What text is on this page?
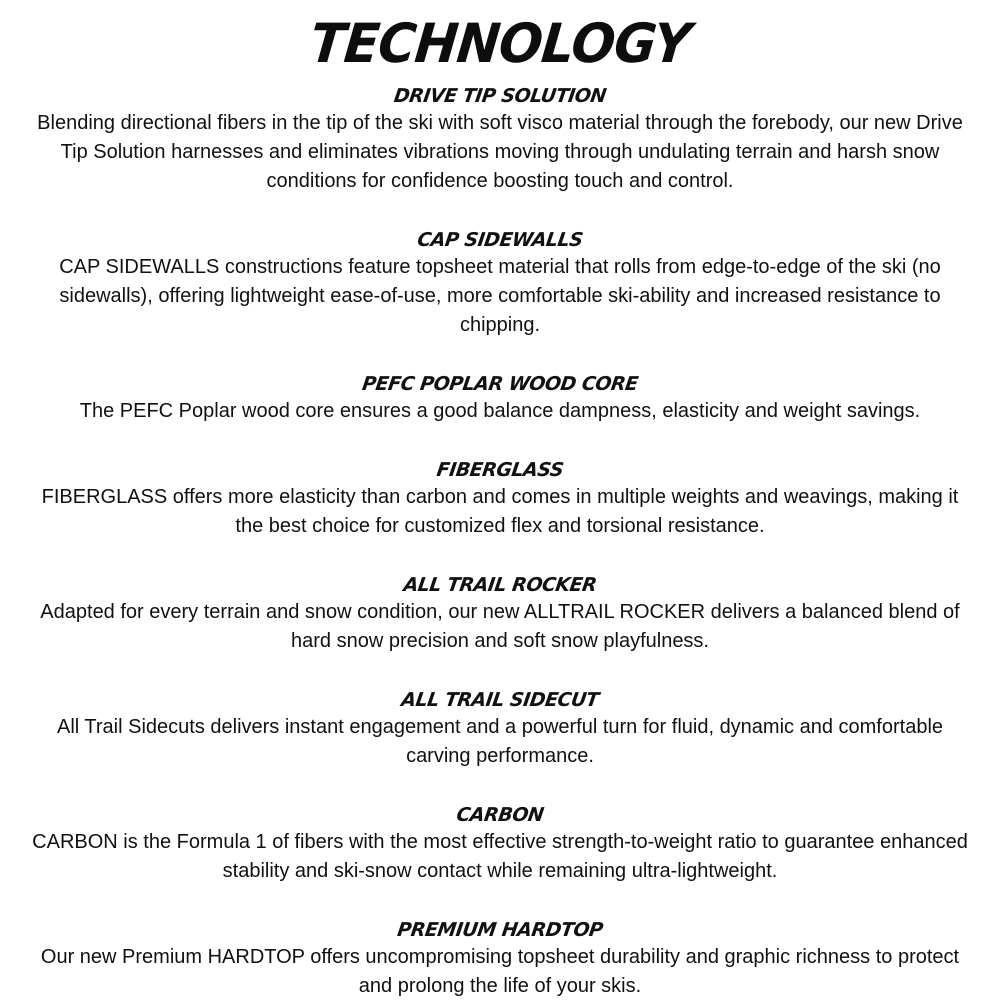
TECHNOLOGY
DRIVE TIP SOLUTION
Blending directional fibers in the tip of the ski with soft visco material through the forebody, our new Drive Tip Solution harnesses and eliminates vibrations moving through undulating terrain and harsh snow conditions for confidence boosting touch and control.
CAP SIDEWALLS
CAP SIDEWALLS constructions feature topsheet material that rolls from edge-to-edge of the ski (no sidewalls), offering lightweight ease-of-use, more comfortable ski-ability and increased resistance to chipping.
PEFC POPLAR WOOD CORE
The PEFC Poplar wood core ensures a good balance dampness, elasticity and weight savings.
FIBERGLASS
FIBERGLASS offers more elasticity than carbon and comes in multiple weights and weavings, making it the best choice for customized flex and torsional resistance.
ALL TRAIL ROCKER
Adapted for every terrain and snow condition, our new ALLTRAIL ROCKER delivers a balanced blend of hard snow precision and soft snow playfulness.
ALL TRAIL SIDECUT
All Trail Sidecuts delivers instant engagement and a powerful turn for fluid, dynamic and comfortable carving performance.
CARBON
CARBON is the Formula 1 of fibers with the most effective strength-to-weight ratio to guarantee enhanced stability and ski-snow contact while remaining ultra-lightweight.
PREMIUM HARDTOP
Our new Premium HARDTOP offers uncompromising topsheet durability and graphic richness to protect and prolong the life of your skis.
